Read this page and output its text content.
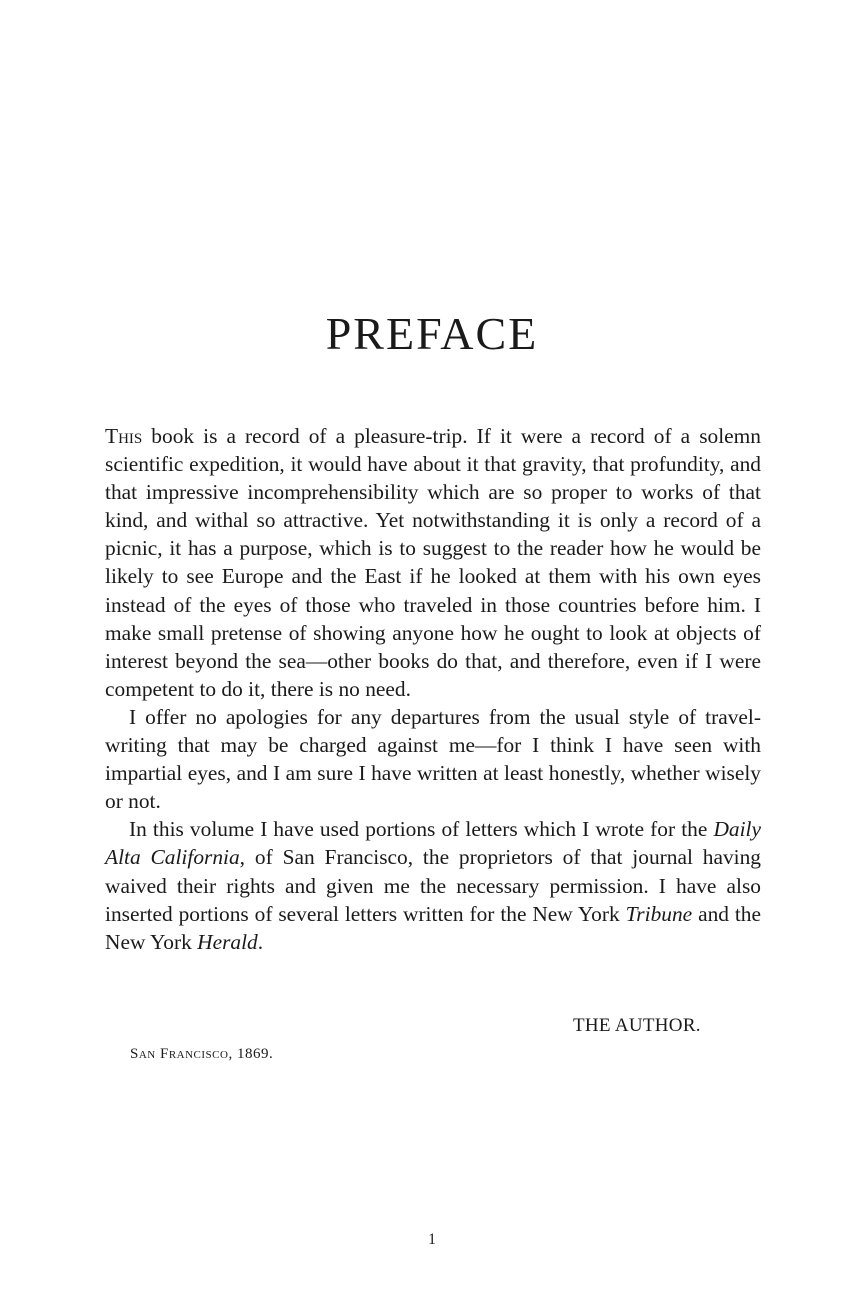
PREFACE

This book is a record of a pleasure-trip. If it were a record of a solemn scientific expedition, it would have about it that gravity, that profundity, and that impressive incomprehensibility which are so proper to works of that kind, and withal so attractive. Yet notwithstanding it is only a record of a picnic, it has a purpose, which is to suggest to the reader how he would be likely to see Europe and the East if he looked at them with his own eyes instead of the eyes of those who traveled in those countries before him. I make small pretense of showing anyone how he ought to look at objects of interest beyond the sea—other books do that, and therefore, even if I were competent to do it, there is no need.

I offer no apologies for any departures from the usual style of travel-writing that may be charged against me—for I think I have seen with impartial eyes, and I am sure I have written at least honestly, whether wisely or not.

In this volume I have used portions of letters which I wrote for the Daily Alta California, of San Francisco, the proprietors of that journal having waived their rights and given me the necessary permission. I have also inserted portions of several letters written for the New York Tribune and the New York Herald.

THE AUTHOR.
San Francisco, 1869.
1
